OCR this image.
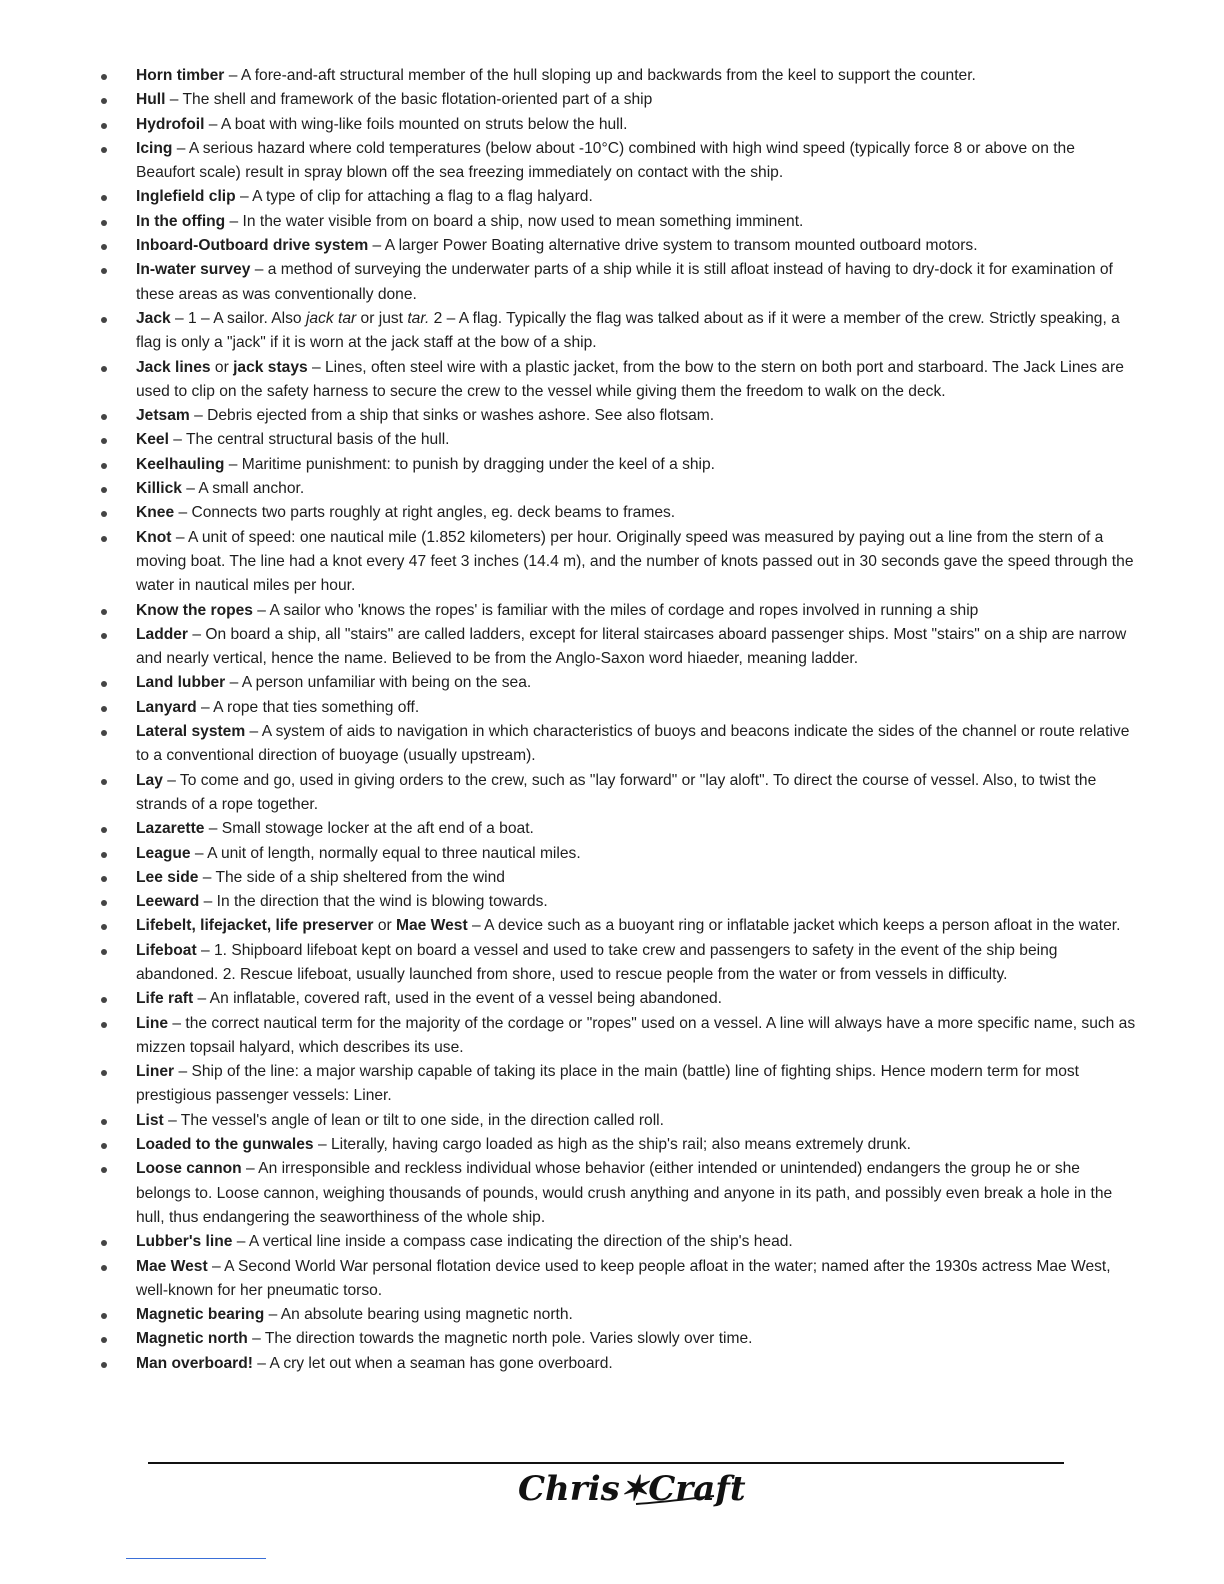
Horn timber – A fore-and-aft structural member of the hull sloping up and backwards from the keel to support the counter.
Hull – The shell and framework of the basic flotation-oriented part of a ship
Hydrofoil – A boat with wing-like foils mounted on struts below the hull.
Icing – A serious hazard where cold temperatures (below about -10°C) combined with high wind speed (typically force 8 or above on the Beaufort scale) result in spray blown off the sea freezing immediately on contact with the ship.
Inglefield clip – A type of clip for attaching a flag to a flag halyard.
In the offing – In the water visible from on board a ship, now used to mean something imminent.
Inboard-Outboard drive system – A larger Power Boating alternative drive system to transom mounted outboard motors.
In-water survey – a method of surveying the underwater parts of a ship while it is still afloat instead of having to dry-dock it for examination of these areas as was conventionally done.
Jack – 1 – A sailor. Also jack tar or just tar. 2 – A flag. Typically the flag was talked about as if it were a member of the crew. Strictly speaking, a flag is only a "jack" if it is worn at the jack staff at the bow of a ship.
Jack lines or jack stays – Lines, often steel wire with a plastic jacket, from the bow to the stern on both port and starboard. The Jack Lines are used to clip on the safety harness to secure the crew to the vessel while giving them the freedom to walk on the deck.
Jetsam – Debris ejected from a ship that sinks or washes ashore. See also flotsam.
Keel – The central structural basis of the hull.
Keelhauling – Maritime punishment: to punish by dragging under the keel of a ship.
Killick – A small anchor.
Knee – Connects two parts roughly at right angles, eg. deck beams to frames.
Knot – A unit of speed: one nautical mile (1.852 kilometers) per hour. Originally speed was measured by paying out a line from the stern of a moving boat. The line had a knot every 47 feet 3 inches (14.4 m), and the number of knots passed out in 30 seconds gave the speed through the water in nautical miles per hour.
Know the ropes – A sailor who 'knows the ropes' is familiar with the miles of cordage and ropes involved in running a ship
Ladder – On board a ship, all "stairs" are called ladders, except for literal staircases aboard passenger ships. Most "stairs" on a ship are narrow and nearly vertical, hence the name. Believed to be from the Anglo-Saxon word hiaeder, meaning ladder.
Land lubber – A person unfamiliar with being on the sea.
Lanyard – A rope that ties something off.
Lateral system – A system of aids to navigation in which characteristics of buoys and beacons indicate the sides of the channel or route relative to a conventional direction of buoyage (usually upstream).
Lay – To come and go, used in giving orders to the crew, such as "lay forward" or "lay aloft". To direct the course of vessel. Also, to twist the strands of a rope together.
Lazarette – Small stowage locker at the aft end of a boat.
League – A unit of length, normally equal to three nautical miles.
Lee side – The side of a ship sheltered from the wind
Leeward – In the direction that the wind is blowing towards.
Lifebelt, lifejacket, life preserver or Mae West – A device such as a buoyant ring or inflatable jacket which keeps a person afloat in the water.
Lifeboat – 1. Shipboard lifeboat kept on board a vessel and used to take crew and passengers to safety in the event of the ship being abandoned. 2. Rescue lifeboat, usually launched from shore, used to rescue people from the water or from vessels in difficulty.
Life raft – An inflatable, covered raft, used in the event of a vessel being abandoned.
Line – the correct nautical term for the majority of the cordage or "ropes" used on a vessel. A line will always have a more specific name, such as mizzen topsail halyard, which describes its use.
Liner – Ship of the line: a major warship capable of taking its place in the main (battle) line of fighting ships. Hence modern term for most prestigious passenger vessels: Liner.
List – The vessel's angle of lean or tilt to one side, in the direction called roll.
Loaded to the gunwales – Literally, having cargo loaded as high as the ship's rail; also means extremely drunk.
Loose cannon – An irresponsible and reckless individual whose behavior (either intended or unintended) endangers the group he or she belongs to. Loose cannon, weighing thousands of pounds, would crush anything and anyone in its path, and possibly even break a hole in the hull, thus endangering the seaworthiness of the whole ship.
Lubber's line – A vertical line inside a compass case indicating the direction of the ship's head.
Mae West – A Second World War personal flotation device used to keep people afloat in the water; named after the 1930s actress Mae West, well-known for her pneumatic torso.
Magnetic bearing – An absolute bearing using magnetic north.
Magnetic north – The direction towards the magnetic north pole. Varies slowly over time.
Man overboard! – A cry let out when a seaman has gone overboard.
Chris✶Craft
